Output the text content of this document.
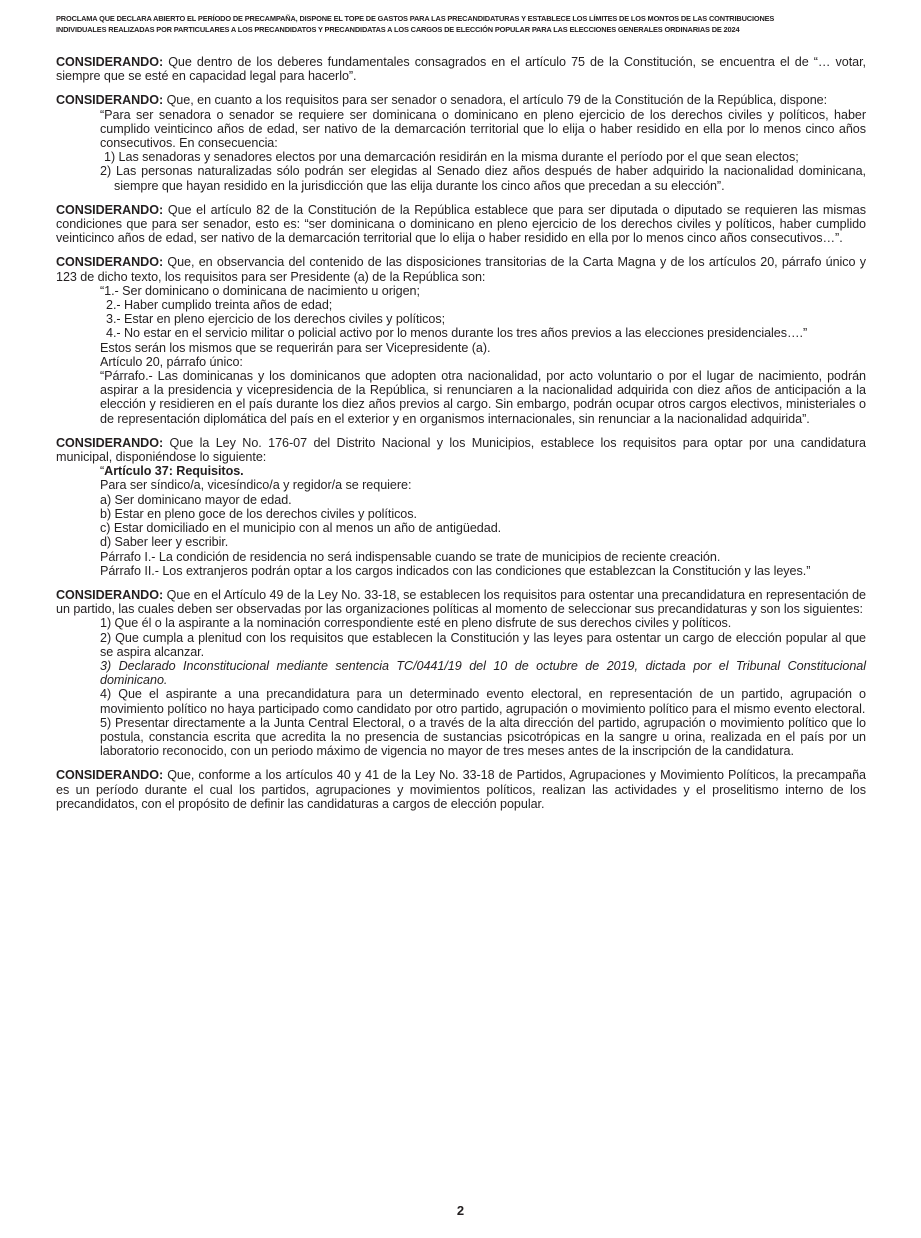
PROCLAMA QUE DECLARA ABIERTO EL PERÍODO DE PRECAMPAÑA, DISPONE EL TOPE DE GASTOS PARA LAS PRECANDIDATURAS Y ESTABLECE LOS LÍMITES DE LOS MONTOS DE LAS CONTRIBUCIONES
INDIVIDUALES REALIZADAS POR PARTICULARES A LOS PRECANDIDATOS Y PRECANDIDATAS A LOS CARGOS DE ELECCIÓN POPULAR PARA LAS ELECCIONES GENERALES ORDINARIAS DE 2024

CONSIDERANDO: Que dentro de los deberes fundamentales consagrados en el artículo 75 de la Constitución, se encuentra el de “… votar, siempre que se esté en capacidad legal para hacerlo”.

CONSIDERANDO: Que, en cuanto a los requisitos para ser senador o senadora, el artículo 79 de la Constitución de la República, dispone:

“Para ser senadora o senador se requiere ser dominicana o dominicano en pleno ejercicio de los derechos civiles y políticos, haber cumplido veinticinco años de edad, ser nativo de la demarcación territorial que lo elija o haber residido en ella por lo menos cinco años consecutivos. En consecuencia:

1) Las senadoras y senadores electos por una demarcación residirán en la misma durante el período por el que sean electos;

2) Las personas naturalizadas sólo podrán ser elegidas al Senado diez años después de haber adquirido la nacionalidad dominicana, siempre que hayan residido en la jurisdicción que las elija durante los cinco años que precedan a su elección”.

CONSIDERANDO: Que el artículo 82 de la Constitución de la República establece que para ser diputada o diputado se requieren las mismas condiciones que para ser senador, esto es: “ser dominicana o dominicano en pleno ejercicio de los derechos civiles y políticos, haber cumplido veinticinco años de edad, ser nativo de la demarcación territorial que lo elija o haber residido en ella por lo menos cinco años consecutivos…”.

CONSIDERANDO: Que, en observancia del contenido de las disposiciones transitorias de la Carta Magna y de los artículos 20, párrafo único y 123 de dicho texto, los requisitos para ser Presidente (a) de la República son:

“1.- Ser dominicano o dominicana de nacimiento u origen;

2.- Haber cumplido treinta años de edad;

3.- Estar en pleno ejercicio de los derechos civiles y políticos;

4.- No estar en el servicio militar o policial activo por lo menos durante los tres años previos a las elecciones presidenciales….”

Estos serán los mismos que se requerirán para ser Vicepresidente (a).

Artículo 20, párrafo único:

“Párrafo.- Las dominicanas y los dominicanos que adopten otra nacionalidad, por acto voluntario o por el lugar de nacimiento, podrán aspirar a la presidencia y vicepresidencia de la República, si renunciaren a la nacionalidad adquirida con diez años de anticipación a la elección y residieren en el país durante los diez años previos al cargo. Sin embargo, podrán ocupar otros cargos electivos, ministeriales o de representación diplomática del país en el exterior y en organismos internacionales, sin renunciar a la nacionalidad adquirida”.

CONSIDERANDO: Que la Ley No. 176-07 del Distrito Nacional y los Municipios, establece los requisitos para optar por una candidatura municipal, disponiéndose lo siguiente:

“Artículo 37: Requisitos.

Para ser síndico/a, vicesíndico/a y regidor/a se requiere:

a) Ser dominicano mayor de edad.

b) Estar en pleno goce de los derechos civiles y políticos.

c) Estar domiciliado en el municipio con al menos un año de antigüedad.

d) Saber leer y escribir.

Párrafo I.- La condición de residencia no será indispensable cuando se trate de municipios de reciente creación.

Párrafo II.- Los extranjeros podrán optar a los cargos indicados con las condiciones que establezcan la Constitución y las leyes.”

CONSIDERANDO: Que en el Artículo 49 de la Ley No. 33-18, se establecen los requisitos para ostentar una precandidatura en representación de un partido, las cuales deben ser observadas por las organizaciones políticas al momento de seleccionar sus precandidaturas y son los siguientes:

1) Que él o la aspirante a la nominación correspondiente esté en pleno disfrute de sus derechos civiles y políticos.

2) Que cumpla a plenitud con los requisitos que establecen la Constitución y las leyes para ostentar un cargo de elección popular al que se aspira alcanzar.

3) Declarado Inconstitucional mediante sentencia TC/0441/19 del 10 de octubre de 2019, dictada por el Tribunal Constitucional dominicano.

4) Que el aspirante a una precandidatura para un determinado evento electoral, en representación de un partido, agrupación o movimiento político no haya participado como candidato por otro partido, agrupación o movimiento político para el mismo evento electoral.

5) Presentar directamente a la Junta Central Electoral, o a través de la alta dirección del partido, agrupación o movimiento político que lo postula, constancia escrita que acredita la no presencia de sustancias psicotrópicas en la sangre u orina, realizada en el país por un laboratorio reconocido, con un periodo máximo de vigencia no mayor de tres meses antes de la inscripción de la candidatura.

CONSIDERANDO: Que, conforme a los artículos 40 y 41 de la Ley No. 33-18 de Partidos, Agrupaciones y Movimiento Políticos, la precampaña es un período durante el cual los partidos, agrupaciones y movimientos políticos, realizan las actividades y el proselitismo interno de los precandidatos, con el propósito de definir las candidaturas a cargos de elección popular.

2
